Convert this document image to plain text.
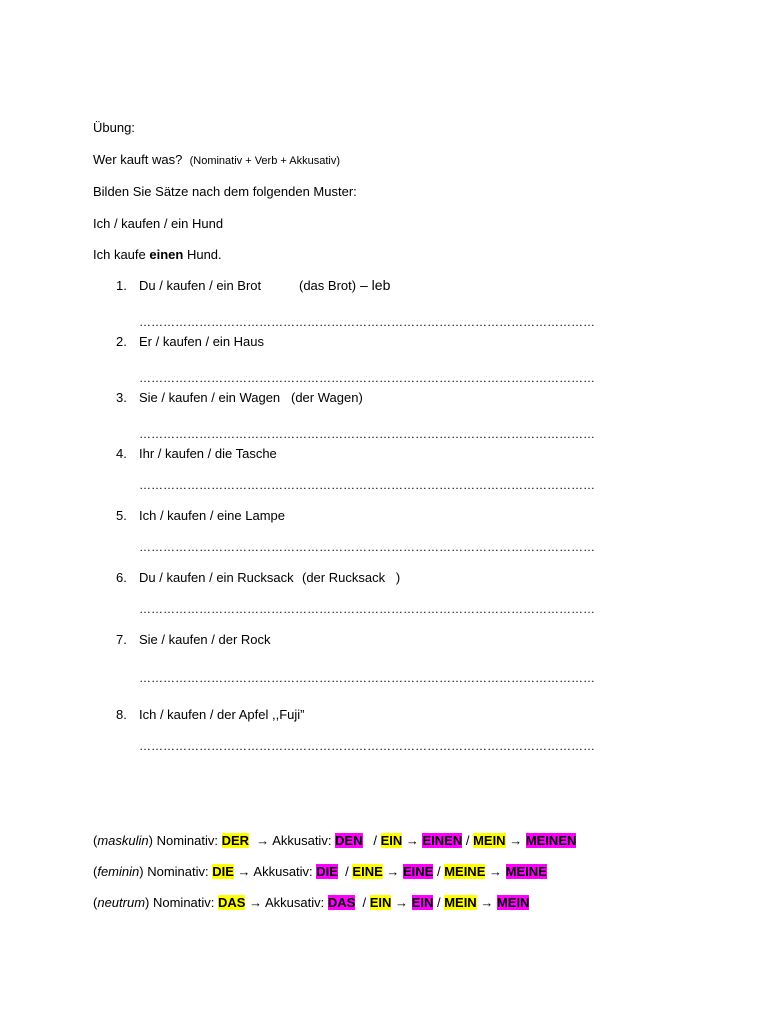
Übung:
Wer kauft was? (Nominativ + Verb + Akkusativ)
Bilden Sie Sätze nach dem folgenden Muster:
Ich / kaufen / ein Hund
Ich kaufe einen Hund.
1. Du / kaufen / ein Brot	(das Brot) – leb
……………………………………………………………………………………………………
2. Er / kaufen / ein Haus
……………………………………………………………………………………………………
3. Sie / kaufen / ein Wagen (der Wagen)
……………………………………………………………………………………………………
4. Ihr / kaufen / die Tasche
……………………………………………………………………………………………………
5. Ich / kaufen / eine Lampe
……………………………………………………………………………………………………
6. Du / kaufen / ein Rucksack (der Rucksack   )
……………………………………………………………………………………………………
7. Sie / kaufen / der Rock
……………………………………………………………………………………………………
8. Ich / kaufen / der Apfel ,,Fuji”
……………………………………………………………………………………………………
(maskulin) Nominativ: DER → Akkusativ: DEN   / EIN → EINEN / MEIN → MEINEN
(feminin) Nominativ: DIE → Akkusativ: DIE  / EINE → EINE / MEINE → MEINE
(neutrum) Nominativ: DAS → Akkusativ: DAS  / EIN → EIN / MEIN → MEIN
